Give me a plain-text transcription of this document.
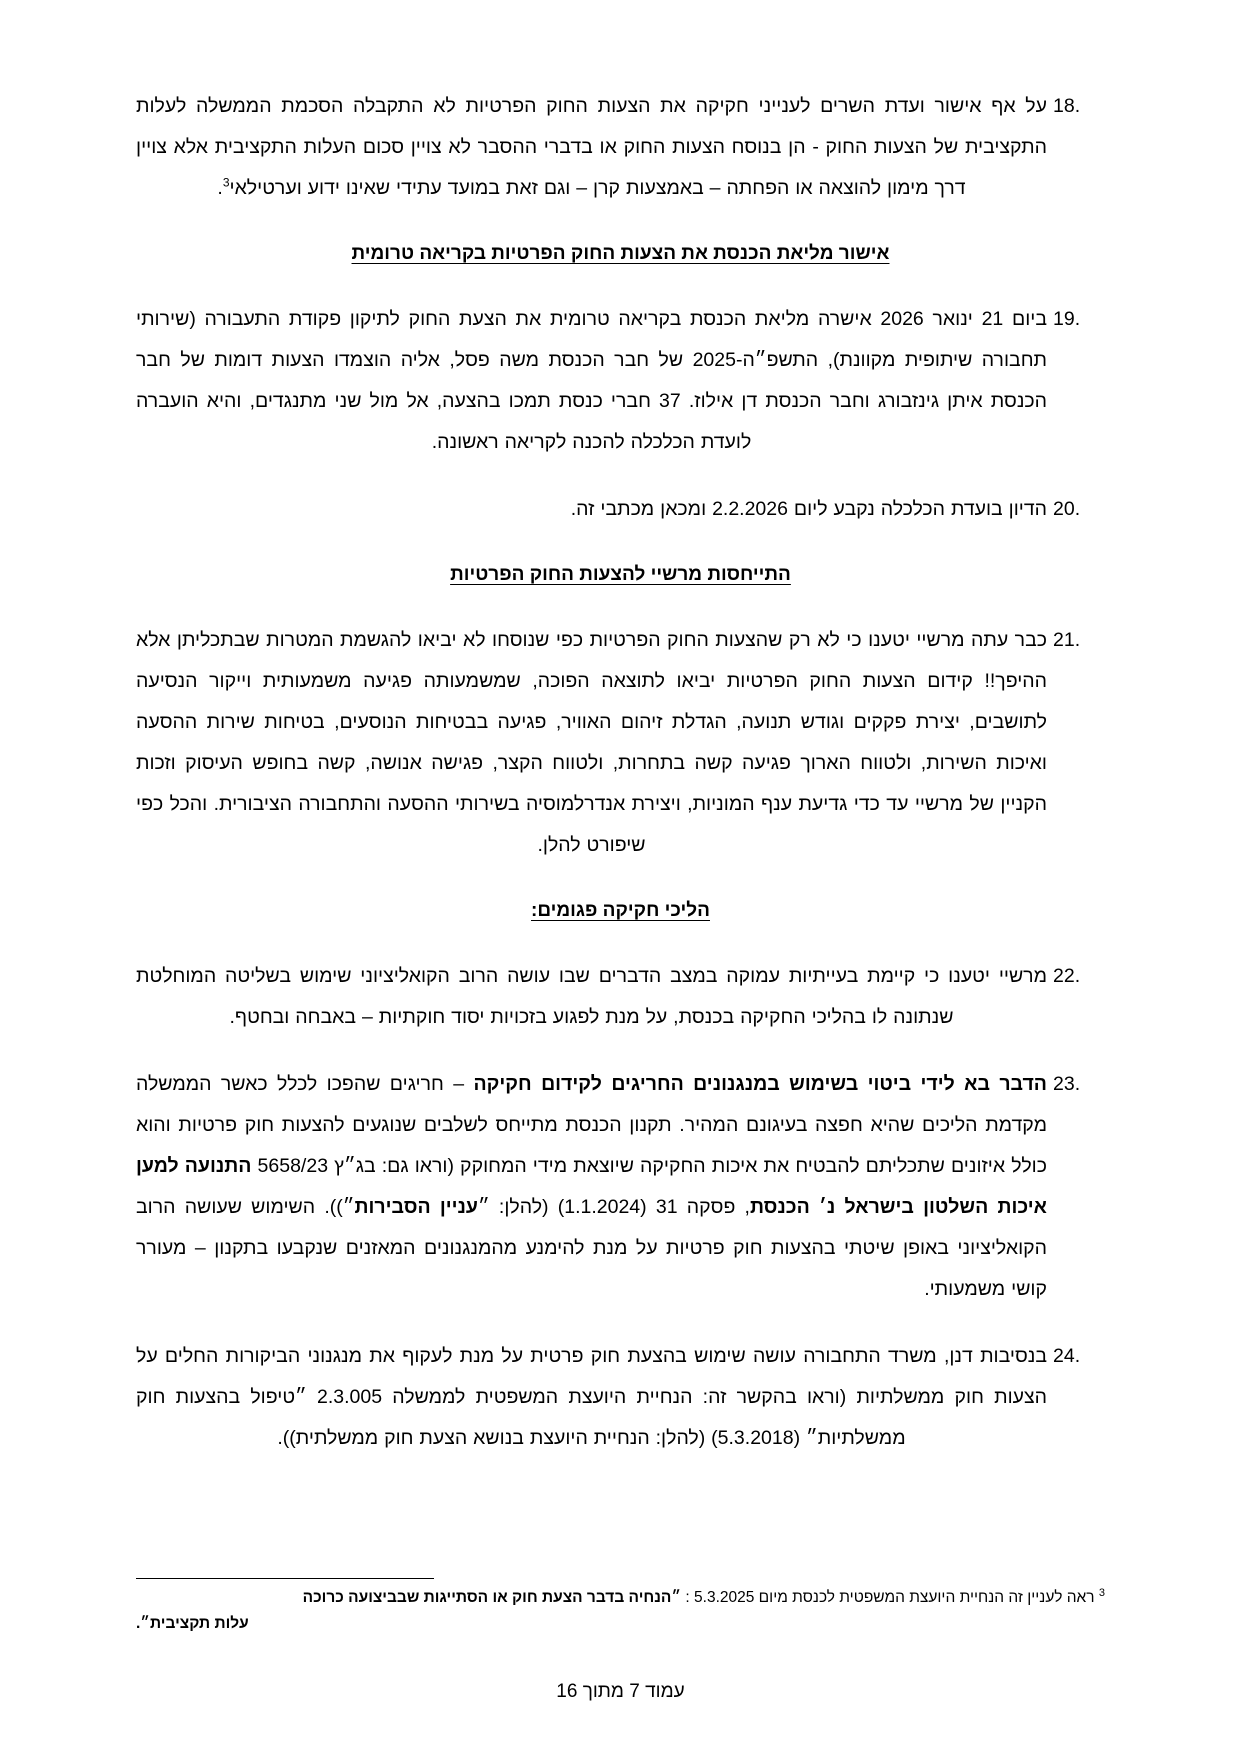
18.
על אף אישור ועדת השרים לענייני חקיקה את הצעות החוק הפרטיות לא התקבלה הסכמת הממשלה לעלות התקציבית של הצעות החוק - הן בנוסח הצעות החוק או בדברי ההסבר לא צויין סכום העלות התקציבית אלא צויין דרך מימון להוצאה או הפחתה – באמצעות קרן – וגם זאת במועד עתידי שאינו ידוע וערטילאי$^3$.
אישור מליאת הכנסת את הצעות החוק הפרטיות בקריאה טרומית
19.
ביום 21 ינואר 2026 אישרה מליאת הכנסת בקריאה טרומית את הצעת החוק לתיקון פקודת התעבורה (שירותי תחבורה שיתופית מקוונת), התשפ״ה-2025 של חבר הכנסת משה פסל, אליה הוצמדו הצעות דומות של חבר הכנסת איתן גינזבורג וחבר הכנסת דן אילוז. 37 חברי כנסת תמכו בהצעה, אל מול שני מתנגדים, והיא הועברה לועדת הכלכלה להכנה לקריאה ראשונה.
20.
הדיון בועדת הכלכלה נקבע ליום 2.2.2026 ומכאן מכתבי זה.
התייחסות מרשיי להצעות החוק הפרטיות
21.
כבר עתה מרשיי יטענו כי לא רק שהצעות החוק הפרטיות כפי שנוסחו לא יביאו להגשמת המטרות שבתכליתן אלא ההיפך!! קידום הצעות החוק הפרטיות יביאו לתוצאה הפוכה, שמשמעותה פגיעה משמעותית וייקור הנסיעה לתושבים, יצירת פקקים וגודש תנועה, הגדלת זיהום האוויר, פגיעה בבטיחות הנוסעים, בטיחות שירות ההסעה ואיכות השירות, ולטווח הארוך פגיעה קשה בתחרות, ולטווח הקצר, פגישה אנושה, קשה בחופש העיסוק וזכות הקניין של מרשיי עד כדי גדיעת ענף המוניות, ויצירת אנדרלמוסיה בשירותי ההסעה והתחבורה הציבורית. והכל כפי שיפורט להלן.
הליכי חקיקה פגומים:
22.
מרשיי יטענו כי קיימת בעייתיות עמוקה במצב הדברים שבו עושה הרוב הקואליציוני שימוש בשליטה המוחלטת שנתונה לו בהליכי החקיקה בכנסת, על מנת לפגוע בזכויות יסוד חוקתיות – באבחה ובחטף.
23.
הדבר בא לידי ביטוי בשימוש במנגנונים החריגים לקידום חקיקה – חריגים שהפכו לכלל כאשר הממשלה מקדמת הליכים שהיא חפצה בעיגונם המהיר. תקנון הכנסת מתייחס לשלבים שנוגעים להצעות חוק פרטיות והוא כולל איזונים שתכליתם להבטיח את איכות החקיקה שיוצאת מידי המחוקק (וראו גם: בג״ץ 5658/23 התנועה למען איכות השלטון בישראל נ׳ הכנסת, פסקה 31 (1.1.2024) (להלן: ״עניין הסבירות״)). השימוש שעושה הרוב הקואליציוני באופן שיטתי בהצעות חוק פרטיות על מנת להימנע מהמנגנונים המאזנים שנקבעו בתקנון – מעורר קושי משמעותי.
24.
בנסיבות דנן, משרד התחבורה עושה שימוש בהצעת חוק פרטית על מנת לעקוף את מנגנוני הביקורות החלים על הצעות חוק ממשלתיות (וראו בהקשר זה: הנחיית היועצת המשפטית לממשלה 2.3.005 ״טיפול בהצעות חוק ממשלתיות״ (5.3.2018) (להלן: הנחיית היועצת בנושא הצעת חוק ממשלתית)).
$^3$ ראה לעניין זה הנחיית היועצת המשפטית לכנסת מיום 5.3.2025 : ״הנחיה בדבר הצעת חוק או הסתייגות שבביצועה כרוכה
עלות תקציבית״.
עמוד 7 מתוך 16
